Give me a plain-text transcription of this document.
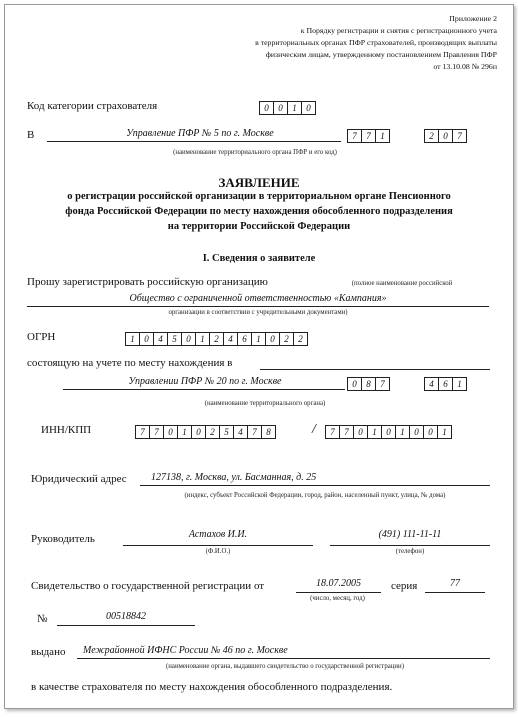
Приложение 2
к Порядку регистрации и снятия с регистрационного учета
в территориальных органах ПФР страхователей, производящих выплаты
физическим лицам, утвержденному постановлением Правления ПФР
от 13.10.08 № 296п
Код категории страхователя	0	0	1	0
В	Управление ПФР № 5 по г. Москве	7	7	1	2	0	7
(наименование территориального органа ПФР и его код)
ЗАЯВЛЕНИЕ
о регистрации российской организации в территориальном органе Пенсионного
фонда Российской Федерации по месту нахождения обособленного подразделения
на территории Российской Федерации
I. Сведения о заявителе
Прошу зарегистрировать российскую организацию	(полное наименование российской
Общество с ограниченной ответственностью «Кампания»
организации в соответствии с учредительными документами)
ОГРН	1	0	4	5	0	1	2	4	6	1	0	2	2
состоящую на учете по месту нахождения в
Управлении ПФР № 20 по г. Москве	0	8	7	4	6	1
(наименование территориального органа)
ИНН/КПП	7	7	0	1	0	2	5	4	7	8	/	7	7	0	1	0	1	0	0	1
Юридический адрес 127138, г. Москва, ул. Басманная, д. 25
(индекс, субъект Российской Федерации, город, район, населенный пункт, улица, № дома)
Руководитель	Астахов И.И.
(Ф.И.О.)
(491) 111-11-11
(телефон)
Свидетельство о государственной регистрации от	18.07.2005
(число, месяц, год)
серия	77
№	00518842
выдано Межрайонной ИФНС России № 46 по г. Москве
(наименование органа, выдавшего свидетельство о государственной регистрации)
в качестве страхователя по месту нахождения обособленного подразделения.
